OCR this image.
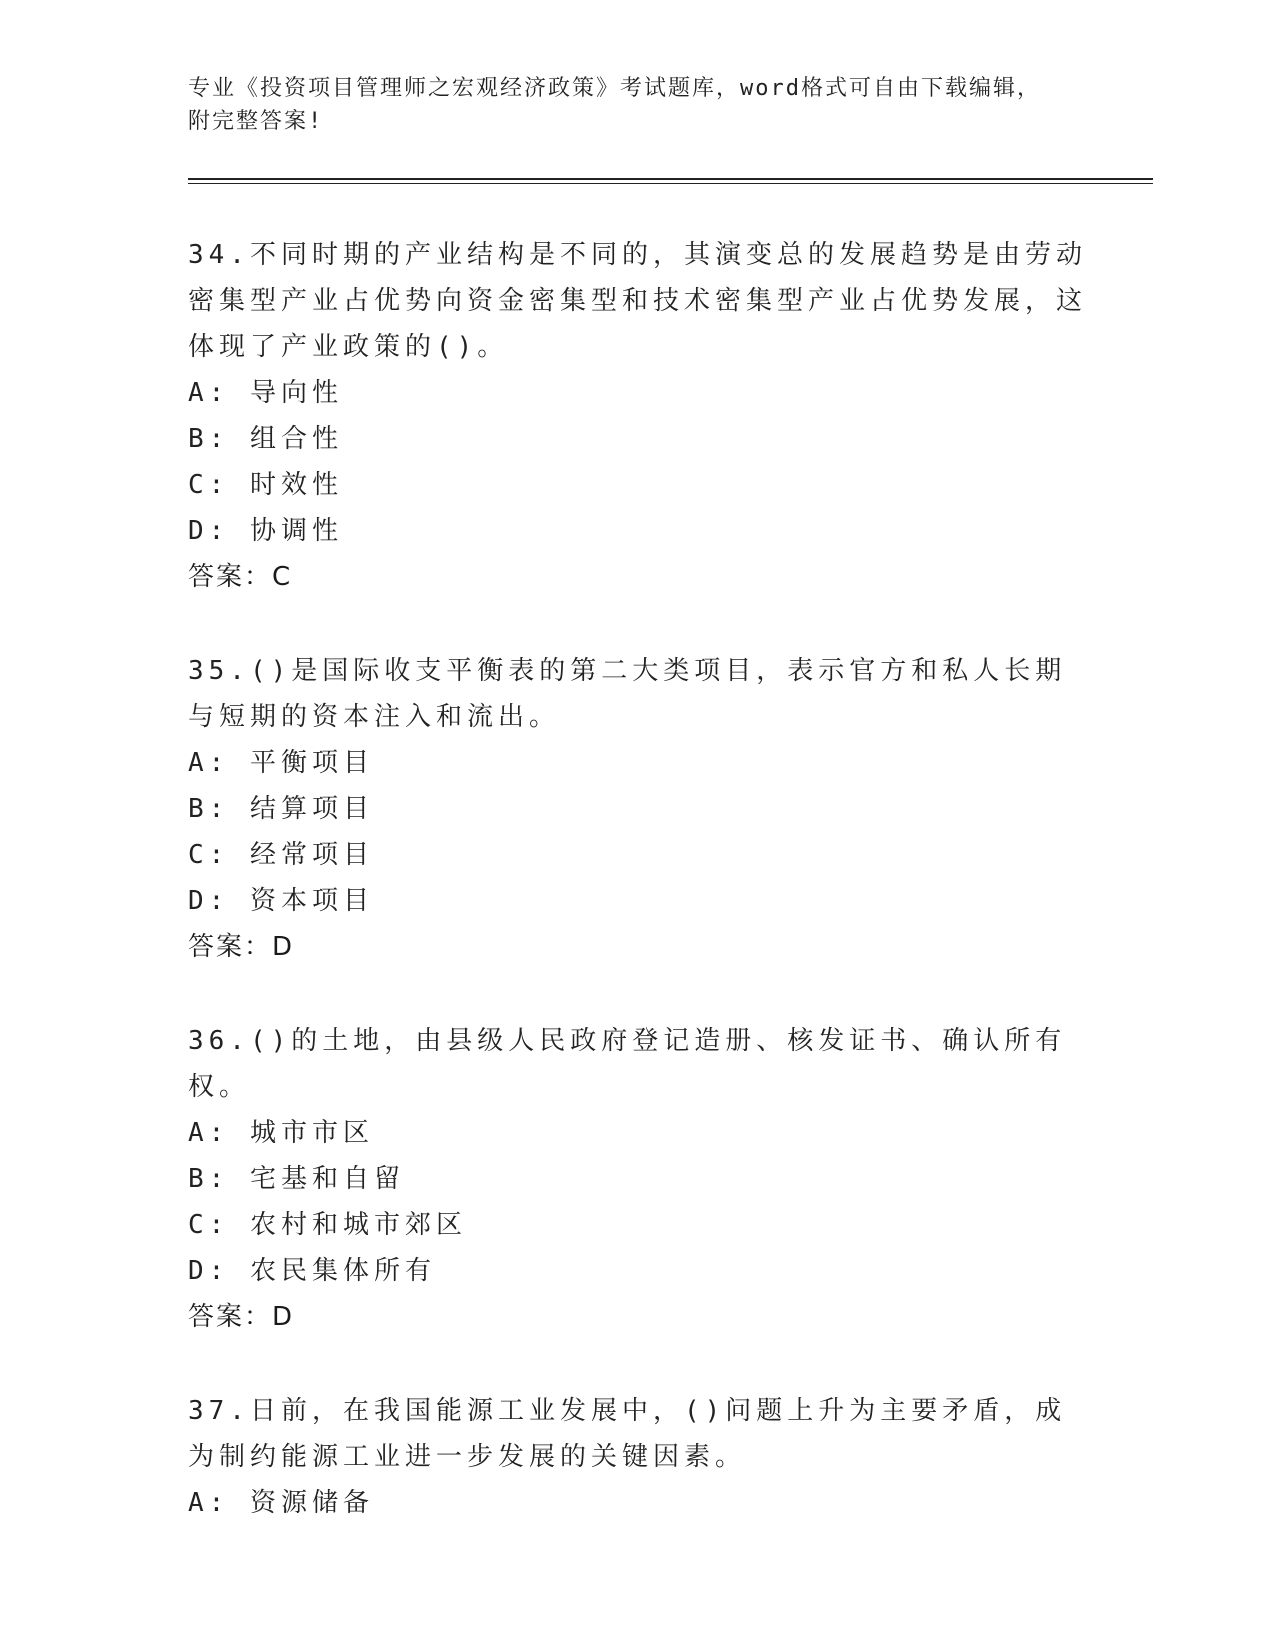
专业《投资项目管理师之宏观经济政策》考试题库，word格式可自由下载编辑，
附完整答案!

34.不同时期的产业结构是不同的，其演变总的发展趋势是由劳动密集型产业占优势向资金密集型和技术密集型产业占优势发展，这体现了产业政策的()。

A: 导向性

B: 组合性

C: 时效性

D: 协调性

答案：C

35.()是国际收支平衡表的第二大类项目，表示官方和私人长期与短期的资本注入和流出。

A: 平衡项目

B: 结算项目

C: 经常项目

D: 资本项目

答案：D

36.()的土地，由县级人民政府登记造册、核发证书、确认所有权。

A: 城市市区

B: 宅基和自留

C: 农村和城市郊区

D: 农民集体所有

答案：D

37.日前，在我国能源工业发展中，()问题上升为主要矛盾，成为制约能源工业进一步发展的关键因素。

A: 资源储备
